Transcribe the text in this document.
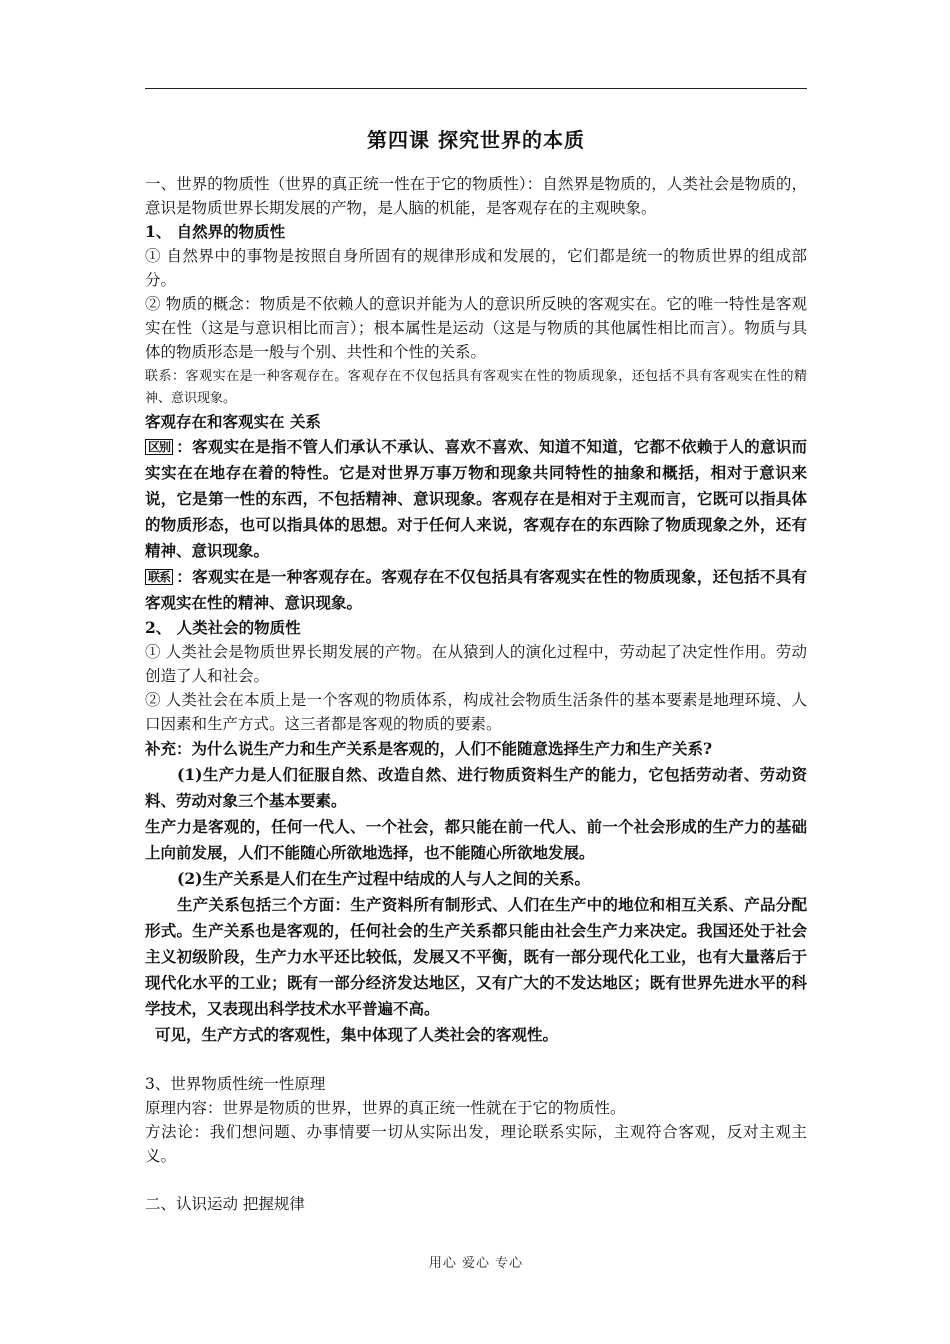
第四课 探究世界的本质

一、世界的物质性（世界的真正统一性在于它的物质性）：自然界是物质的，人类社会是物质的，意识是物质世界长期发展的产物，是人脑的机能，是客观存在的主观映象。

1、 自然界的物质性

① 自然界中的事物是按照自身所固有的规律形成和发展的，它们都是统一的物质世界的组成部分。

② 物质的概念：物质是不依赖人的意识并能为人的意识所反映的客观实在。它的唯一特性是客观实在性（这是与意识相比而言）；根本属性是运动（这是与物质的其他属性相比而言）。物质与具体的物质形态是一般与个别、共性和个性的关系。

联系：客观实在是一种客观存在。客观存在不仅包括具有客观实在性的物质现象，还包括不具有客观实在性的精神、意识现象。

客观存在和客观实在 关系

区别 ：客观实在是指不管人们承认不承认、喜欢不喜欢、知道不知道，它都不依赖于人的意识而实实在在地存在着的特性。它是对世界万事万物和现象共同特性的抽象和概括，相对于意识来说，它是第一性的东西，不包括精神、意识现象。客观存在是相对于主观而言，它既可以指具体的物质形态，也可以指具体的思想。对于任何人来说，客观存在的东西除了物质现象之外，还有精神、意识现象。

联系 ：客观实在是一种客观存在。客观存在不仅包括具有客观实在性的物质现象，还包括不具有客观实在性的精神、意识现象。

2、 人类社会的物质性

① 人类社会是物质世界长期发展的产物。在从猿到人的演化过程中，劳动起了决定性作用。劳动创造了人和社会。

② 人类社会在本质上是一个客观的物质体系，构成社会物质生活条件的基本要素是地理环境、人口因素和生产方式。这三者都是客观的物质的要素。

补充：为什么说生产力和生产关系是客观的，人们不能随意选择生产力和生产关系?

(1)生产力是人们征服自然、改造自然、进行物质资料生产的能力，它包括劳动者、劳动资料、劳动对象三个基本要素。

生产力是客观的，任何一代人、一个社会，都只能在前一代人、前一个社会形成的生产力的基础上向前发展，人们不能随心所欲地选择，也不能随心所欲地发展。

(2)生产关系是人们在生产过程中结成的人与人之间的关系。

生产关系包括三个方面：生产资料所有制形式、人们在生产中的地位和相互关系、产品分配形式。生产关系也是客观的，任何社会的生产关系都只能由社会生产力来决定。我国还处于社会主义初级阶段，生产力水平还比较低，发展又不平衡，既有一部分现代化工业，也有大量落后于现代化水平的工业；既有一部分经济发达地区，又有广大的不发达地区；既有世界先进水平的科学技术，又表现出科学技术水平普遍不高。

可见，生产方式的客观性，集中体现了人类社会的客观性。

3、世界物质性统一性原理

原理内容：世界是物质的世界，世界的真正统一性就在于它的物质性。

方法论：我们想问题、办事情要一切从实际出发，理论联系实际，主观符合客观，反对主观主义。

二、认识运动 把握规律

用心 爱心 专心
